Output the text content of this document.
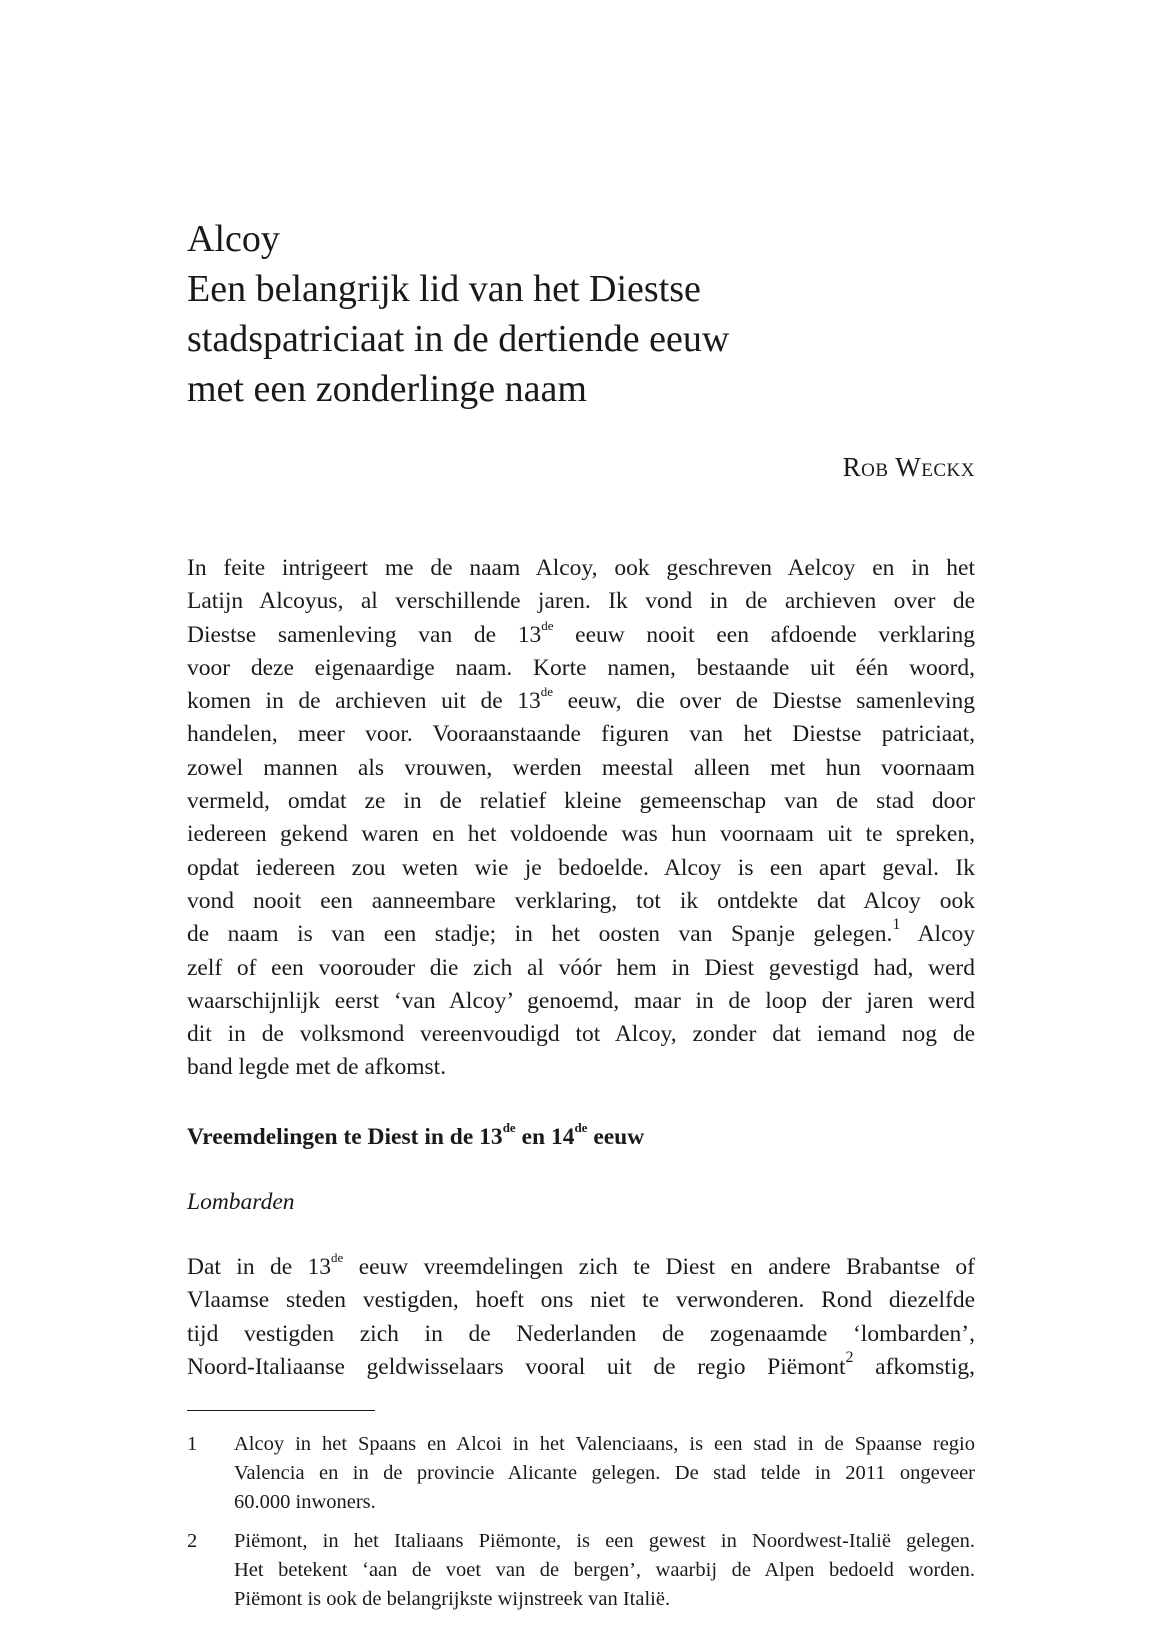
Alcoy
Een belangrijk lid van het Diestse
stadspatriciaat in de dertiende eeuw
met een zonderlinge naam

Rob Weckx

In feite intrigeert me de naam Alcoy, ook geschreven Aelcoy en in het
Latijn Alcoyus, al verschillende jaren. Ik vond in de archieven over de
Diestse samenleving van de 13de eeuw nooit een afdoende verklaring
voor deze eigenaardige naam. Korte namen, bestaande uit één woord,
komen in de archieven uit de 13de eeuw, die over de Diestse samenleving
handelen, meer voor. Vooraanstaande figuren van het Diestse patriciaat,
zowel mannen als vrouwen, werden meestal alleen met hun voornaam
vermeld, omdat ze in de relatief kleine gemeenschap van de stad door
iedereen gekend waren en het voldoende was hun voornaam uit te spreken,
opdat iedereen zou weten wie je bedoelde. Alcoy is een apart geval. Ik
vond nooit een aanneembare verklaring, tot ik ontdekte dat Alcoy ook
de naam is van een stadje; in het oosten van Spanje gelegen.$^1$ Alcoy
zelf of een voorouder die zich al vóór hem in Diest gevestigd had, werd
waarschijnlijk eerst ‘van Alcoy’ genoemd, maar in de loop der jaren werd
dit in de volksmond vereenvoudigd tot Alcoy, zonder dat iemand nog de
band legde met de afkomst.
Vreemdelingen te Diest in de 13de en 14de eeuw
Lombarden
Dat in de 13de eeuw vreemdelingen zich te Diest en andere Brabantse of
Vlaamse steden vestigden, hoeft ons niet te verwonderen. Rond diezelfde
tijd vestigden zich in de Nederlanden de zogenaamde ‘lombarden’,
Noord-Italiaanse geldwisselaars vooral uit de regio Piëmont$^2$ afkomstig,
1 Alcoy in het Spaans en Alcoi in het Valenciaans, is een stad in de Spaanse regio
Valencia en in de provincie Alicante gelegen. De stad telde in 2011 ongeveer
60.000 inwoners.
2 Piëmont, in het Italiaans Piëmonte, is een gewest in Noordwest-Italië gelegen.
Het betekent ‘aan de voet van de bergen’, waarbij de Alpen bedoeld worden.
Piëmont is ook de belangrijkste wijnstreek van Italië.
